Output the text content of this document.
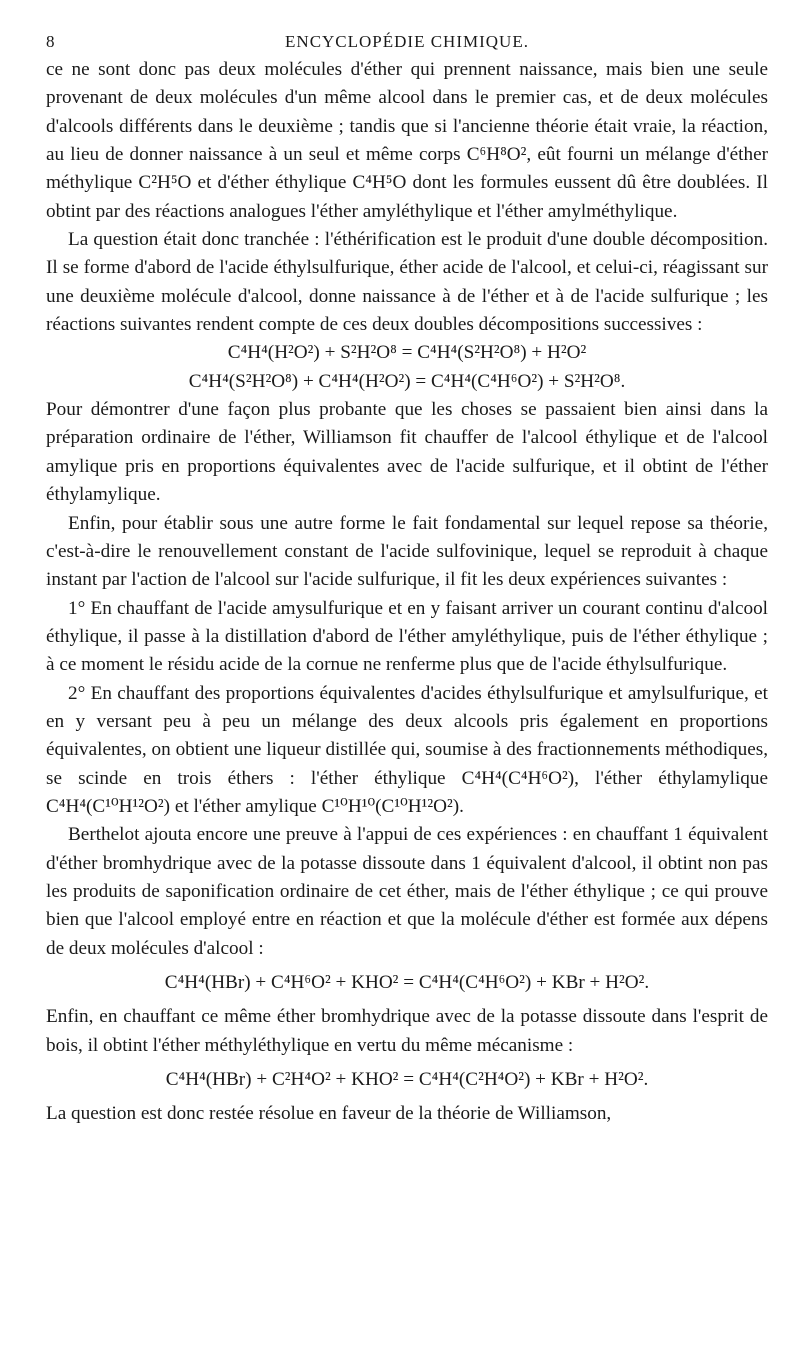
8	ENCYCLOPÉDIE CHIMIQUE.

ce ne sont donc pas deux molécules d'éther qui prennent naissance, mais bien une seule provenant de deux molécules d'un même alcool dans le premier cas, et de deux molécules d'alcools différents dans le deuxième ; tandis que si l'ancienne théorie était vraie, la réaction, au lieu de donner naissance à un seul et même corps C⁶H⁸O², eût fourni un mélange d'éther méthylique C²H⁵O et d'éther éthylique C⁴H⁵O dont les formules eussent dû être doublées. Il obtint par des réactions analogues l'éther amyléthylique et l'éther amylméthylique.

La question était donc tranchée : l'éthérification est le produit d'une double décomposition. Il se forme d'abord de l'acide éthylsulfurique, éther acide de l'alcool, et celui-ci, réagissant sur une deuxième molécule d'alcool, donne naissance à de l'éther et à de l'acide sulfurique ; les réactions suivantes rendent compte de ces deux doubles décompositions successives :

C⁴H⁴(H²O²) + S²H²O⁸ = C⁴H⁴(S²H²O⁸) + H²O²
C⁴H⁴(S²H²O⁸) + C⁴H⁴(H²O²) = C⁴H⁴(C⁴H⁶O²) + S²H²O⁸.

Pour démontrer d'une façon plus probante que les choses se passaient bien ainsi dans la préparation ordinaire de l'éther, Williamson fit chauffer de l'alcool éthylique et de l'alcool amylique pris en proportions équivalentes avec de l'acide sulfurique, et il obtint de l'éther éthylamylique.

Enfin, pour établir sous une autre forme le fait fondamental sur lequel repose sa théorie, c'est-à-dire le renouvellement constant de l'acide sulfovinique, lequel se reproduit à chaque instant par l'action de l'alcool sur l'acide sulfurique, il fit les deux expériences suivantes :

1° En chauffant de l'acide amysulfurique et en y faisant arriver un courant continu d'alcool éthylique, il passe à la distillation d'abord de l'éther amyléthylique, puis de l'éther éthylique ; à ce moment le résidu acide de la cornue ne renferme plus que de l'acide éthylsulfurique.

2° En chauffant des proportions équivalentes d'acides éthylsulfurique et amylsulfurique, et en y versant peu à peu un mélange des deux alcools pris également en proportions équivalentes, on obtient une liqueur distillée qui, soumise à des fractionnements méthodiques, se scinde en trois éthers : l'éther éthylique C⁴H⁴(C⁴H⁶O²), l'éther éthylamylique C⁴H⁴(C¹⁰H¹²O²) et l'éther amylique C¹⁰H¹⁰(C¹⁰H¹²O²).

Berthelot ajouta encore une preuve à l'appui de ces expériences : en chauffant 1 équivalent d'éther bromhydrique avec de la potasse dissoute dans 1 équivalent d'alcool, il obtint non pas les produits de saponification ordinaire de cet éther, mais de l'éther éthylique ; ce qui prouve bien que l'alcool employé entre en réaction et que la molécule d'éther est formée aux dépens de deux molécules d'alcool :

C⁴H⁴(HBr) + C⁴H⁶O² + KHO² = C⁴H⁴(C⁴H⁶O²) + KBr + H²O².

Enfin, en chauffant ce même éther bromhydrique avec de la potasse dissoute dans l'esprit de bois, il obtint l'éther méthyléthylique en vertu du même mécanisme :

C⁴H⁴(HBr) + C²H⁴O² + KHO² = C⁴H⁴(C²H⁴O²) + KBr + H²O².

La question est donc restée résolue en faveur de la théorie de Williamson,
